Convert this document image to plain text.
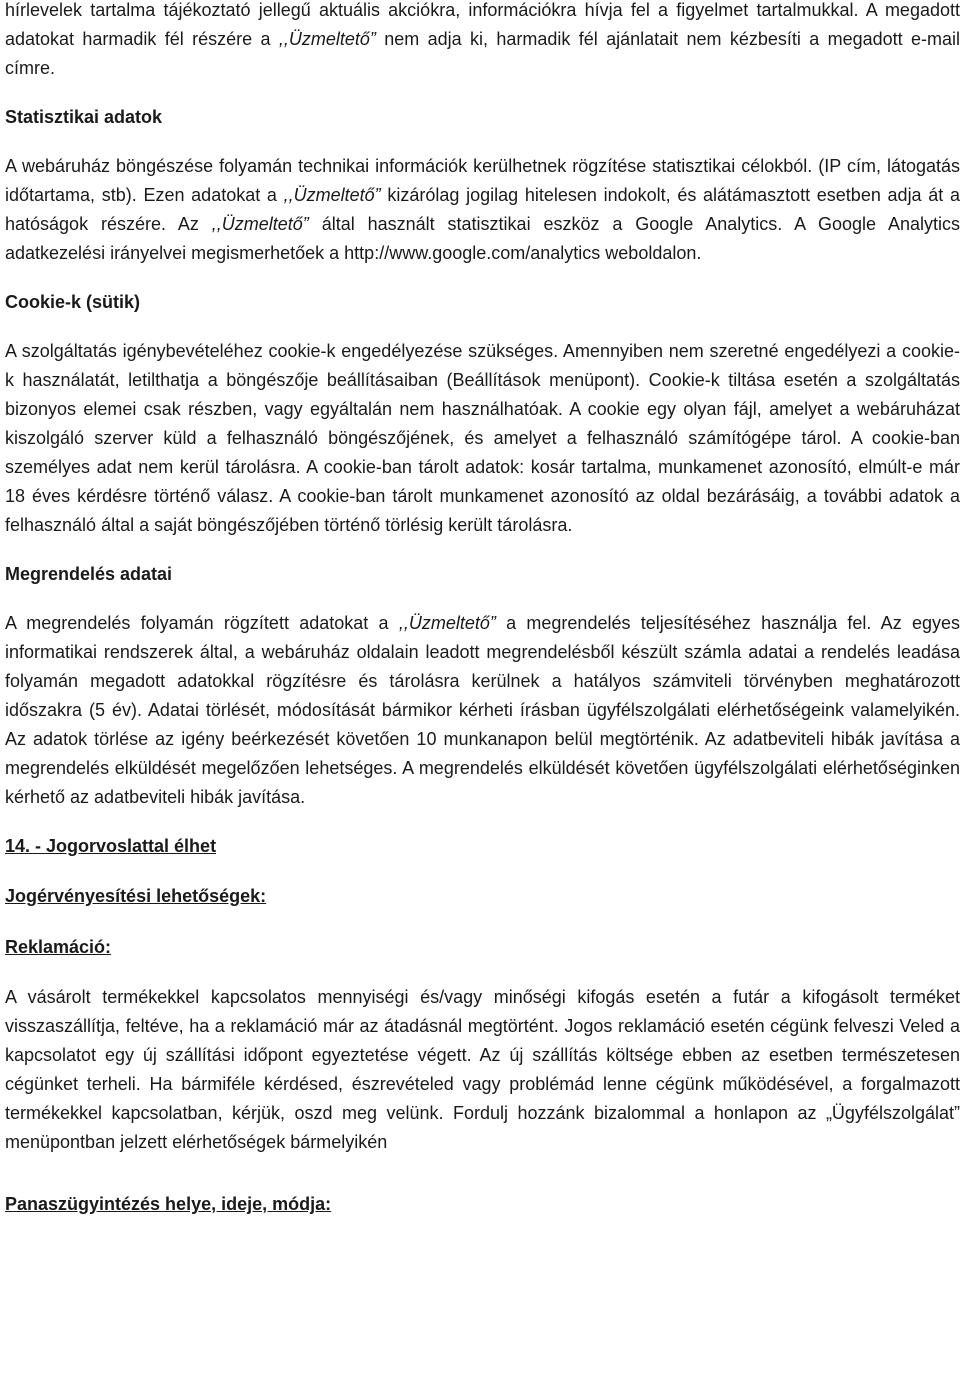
hírlevelek tartalma tájékoztató jellegű aktuális akciókra, információkra hívja fel a figyelmet tartalmukkal. A megadott adatokat harmadik fél részére a ,,Üzmeltető” nem adja ki, harmadik fél ajánlatait nem kézbesíti a megadott e-mail címre.

Statisztikai adatok

A webáruház böngészése folyamán technikai információk kerülhetnek rögzítése statisztikai célokból. (IP cím, látogatás időtartama, stb). Ezen adatokat a ,,Üzmeltető” kizárólag jogilag hitelesen indokolt, és alátámasztott esetben adja át a hatóságok részére. Az ,,Üzmeltető” által használt statisztikai eszköz a Google Analytics. A Google Analytics adatkezelési irányelvei megismerhetőek a http://www.google.com/analytics weboldalon.

Cookie-k (sütik)

A szolgáltatás igénybevételéhez cookie-k engedélyezése szükséges. Amennyiben nem szeretné engedélyezi a cookie-k használatát, letilthatja a böngészője beállításaiban (Beállítások menüpont). Cookie-k tiltása esetén a szolgáltatás bizonyos elemei csak részben, vagy egyáltalán nem használhatóak. A cookie egy olyan fájl, amelyet a webáruházat kiszolgáló szerver küld a felhasználó böngészőjének, és amelyet a felhasználó számítógépe tárol. A cookie-ban személyes adat nem kerül tárolásra. A cookie-ban tárolt adatok: kosár tartalma, munkamenet azonosító, elmúlt-e már 18 éves kérdésre történő válasz. A cookie-ban tárolt munkamenet azonosító az oldal bezárásáig, a további adatok a felhasználó által a saját böngészőjében történő törlésig került tárolásra.

Megrendelés adatai

A megrendelés folyamán rögzített adatokat a ,,Üzmeltető” a megrendelés teljesítéséhez használja fel. Az egyes informatikai rendszerek által, a webáruház oldalain leadott megrendelésből készült számla adatai a rendelés leadása folyamán megadott adatokkal rögzítésre és tárolásra kerülnek a hatályos számviteli törvényben meghatározott időszakra (5 év). Adatai törlését, módosítását bármikor kérheti írásban ügyfélszolgálati elérhetőségeink valamelyikén. Az adatok törlése az igény beérkezését követően 10 munkanapon belül megtörténik. Az adatbeviteli hibák javítása a megrendelés elküldését megelőzően lehetséges. A megrendelés elküldését követően ügyfélszolgálati elérhetőséginken kérhető az adatbeviteli hibák javítása.

14. - Jogorvoslattal élhet
Jogérvényesítési lehetőségek:
Reklamáció:

A vásárolt termékekkel kapcsolatos mennyiségi és/vagy minőségi kifogás esetén a futár a kifogásolt terméket visszaszállítja, feltéve, ha a reklamáció már az átadásnál megtörtént. Jogos reklamáció esetén cégünk felveszi Veled a kapcsolatot egy új szállítási időpont egyeztetése végett. Az új szállítás költsége ebben az esetben természetesen cégünket terheli. Ha bármiféle kérdésed, észrevételed vagy problémád lenne cégünk működésével, a forgalmazott termékekkel kapcsolatban, kérjük, oszd meg velünk. Fordulj hozzánk bizalommal a honlapon az „Ügyfélszolgálat” menüpontban jelzett elérhetőségek bármelyikén

Panaszügyintézés helye, ideje, módja:
